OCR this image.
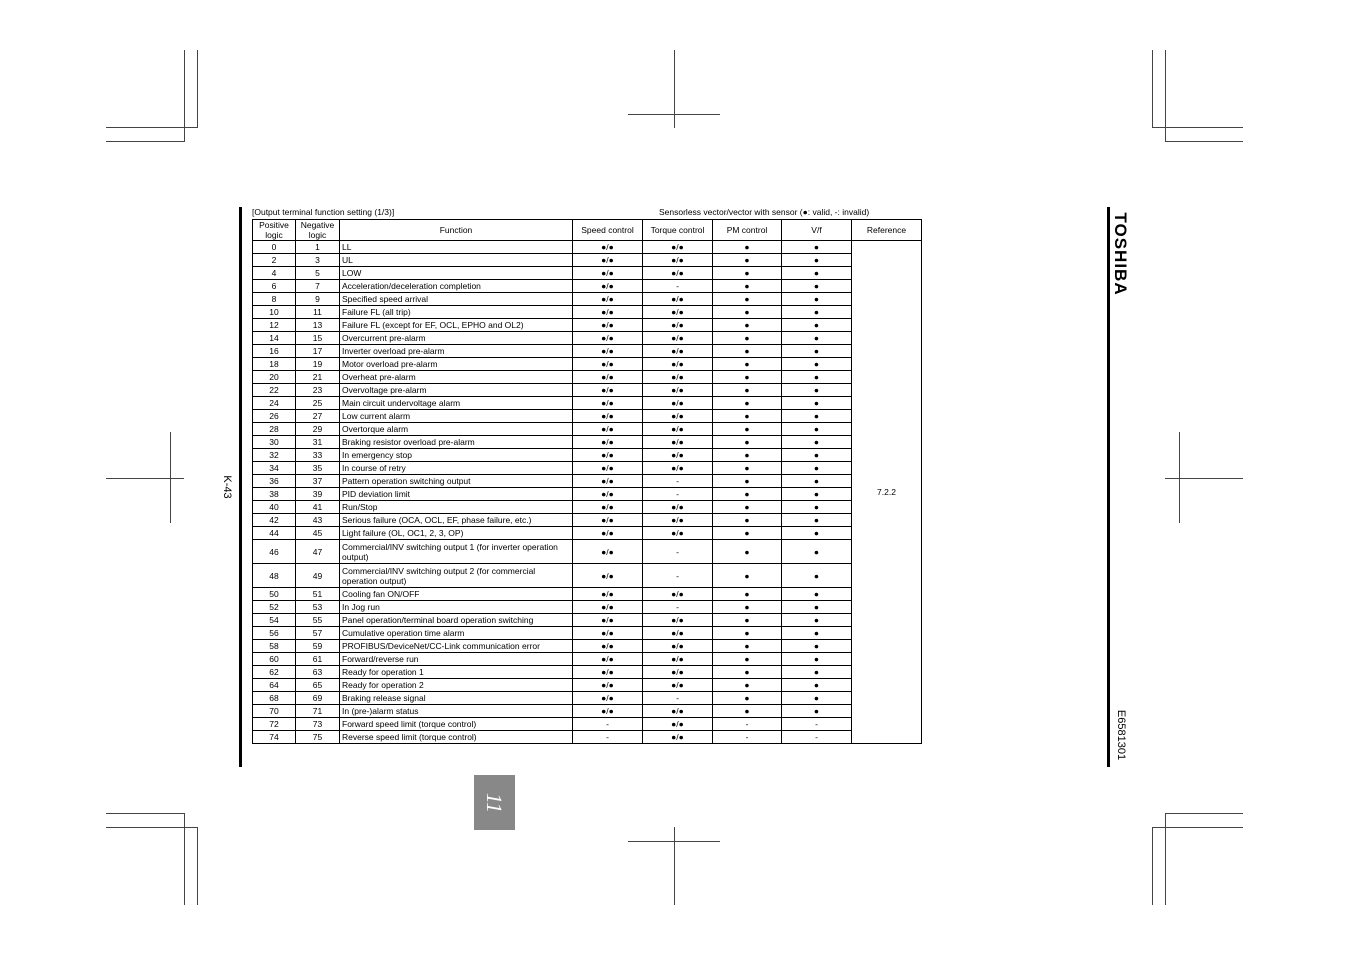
[Output terminal function setting (1/3)]	Sensorless vector/vector with sensor (●: valid, -: invalid)
Positive logic	Negative logic	Function	Speed control	Torque control	PM control	V/f	Reference
0	1	LL	●/●	●/●	●	●	7.2.2
2	3	UL	●/●	●/●	●	●	
4	5	LOW	●/●	●/●	●	●	
6	7	Acceleration/deceleration completion	●/●	-	●	●	
8	9	Specified speed arrival	●/●	●/●	●	●	
10	11	Failure FL (all trip)	●/●	●/●	●	●	
12	13	Failure FL (except for EF, OCL, EPHO and OL2)	●/●	●/●	●	●	
14	15	Overcurrent pre-alarm	●/●	●/●	●	●	
16	17	Inverter overload pre-alarm	●/●	●/●	●	●	
18	19	Motor overload pre-alarm	●/●	●/●	●	●	
20	21	Overheat pre-alarm	●/●	●/●	●	●	
22	23	Overvoltage pre-alarm	●/●	●/●	●	●	
24	25	Main circuit undervoltage alarm	●/●	●/●	●	●	
26	27	Low current alarm	●/●	●/●	●	●	
28	29	Overtorque alarm	●/●	●/●	●	●	
30	31	Braking resistor overload pre-alarm	●/●	●/●	●	●	
32	33	In emergency stop	●/●	●/●	●	●	
34	35	In course of retry	●/●	●/●	●	●	
36	37	Pattern operation switching output	●/●	-	●	●	
38	39	PID deviation limit	●/●	-	●	●	
40	41	Run/Stop	●/●	●/●	●	●	
42	43	Serious failure (OCA, OCL, EF, phase failure, etc.)	●/●	●/●	●	●	
44	45	Light failure (OL, OC1, 2, 3, OP)	●/●	●/●	●	●	
46	47	Commercial/INV switching output 1 (for inverter operation output)	●/●	-	●	●	
48	49	Commercial/INV switching output 2 (for commercial operation output)	●/●	-	●	●	
50	51	Cooling fan ON/OFF	●/●	●/●	●	●	
52	53	In Jog run	●/●	-	●	●	
54	55	Panel operation/terminal board operation switching	●/●	●/●	●	●	
56	57	Cumulative operation time alarm	●/●	●/●	●	●	
58	59	PROFIBUS/DeviceNet/CC-Link communication error	●/●	●/●	●	●	
60	61	Forward/reverse run	●/●	●/●	●	●	
62	63	Ready for operation 1	●/●	●/●	●	●	
64	65	Ready for operation 2	●/●	●/●	●	●	
68	69	Braking release signal	●/●	-	●	●	
70	71	In (pre-)alarm status	●/●	●/●	●	●	
72	73	Forward speed limit (torque control)	-	●/●	-	-	
74	75	Reverse speed limit (torque control)	-	●/●	-	-	
K-43
TOSHIBA
E6581301
11
